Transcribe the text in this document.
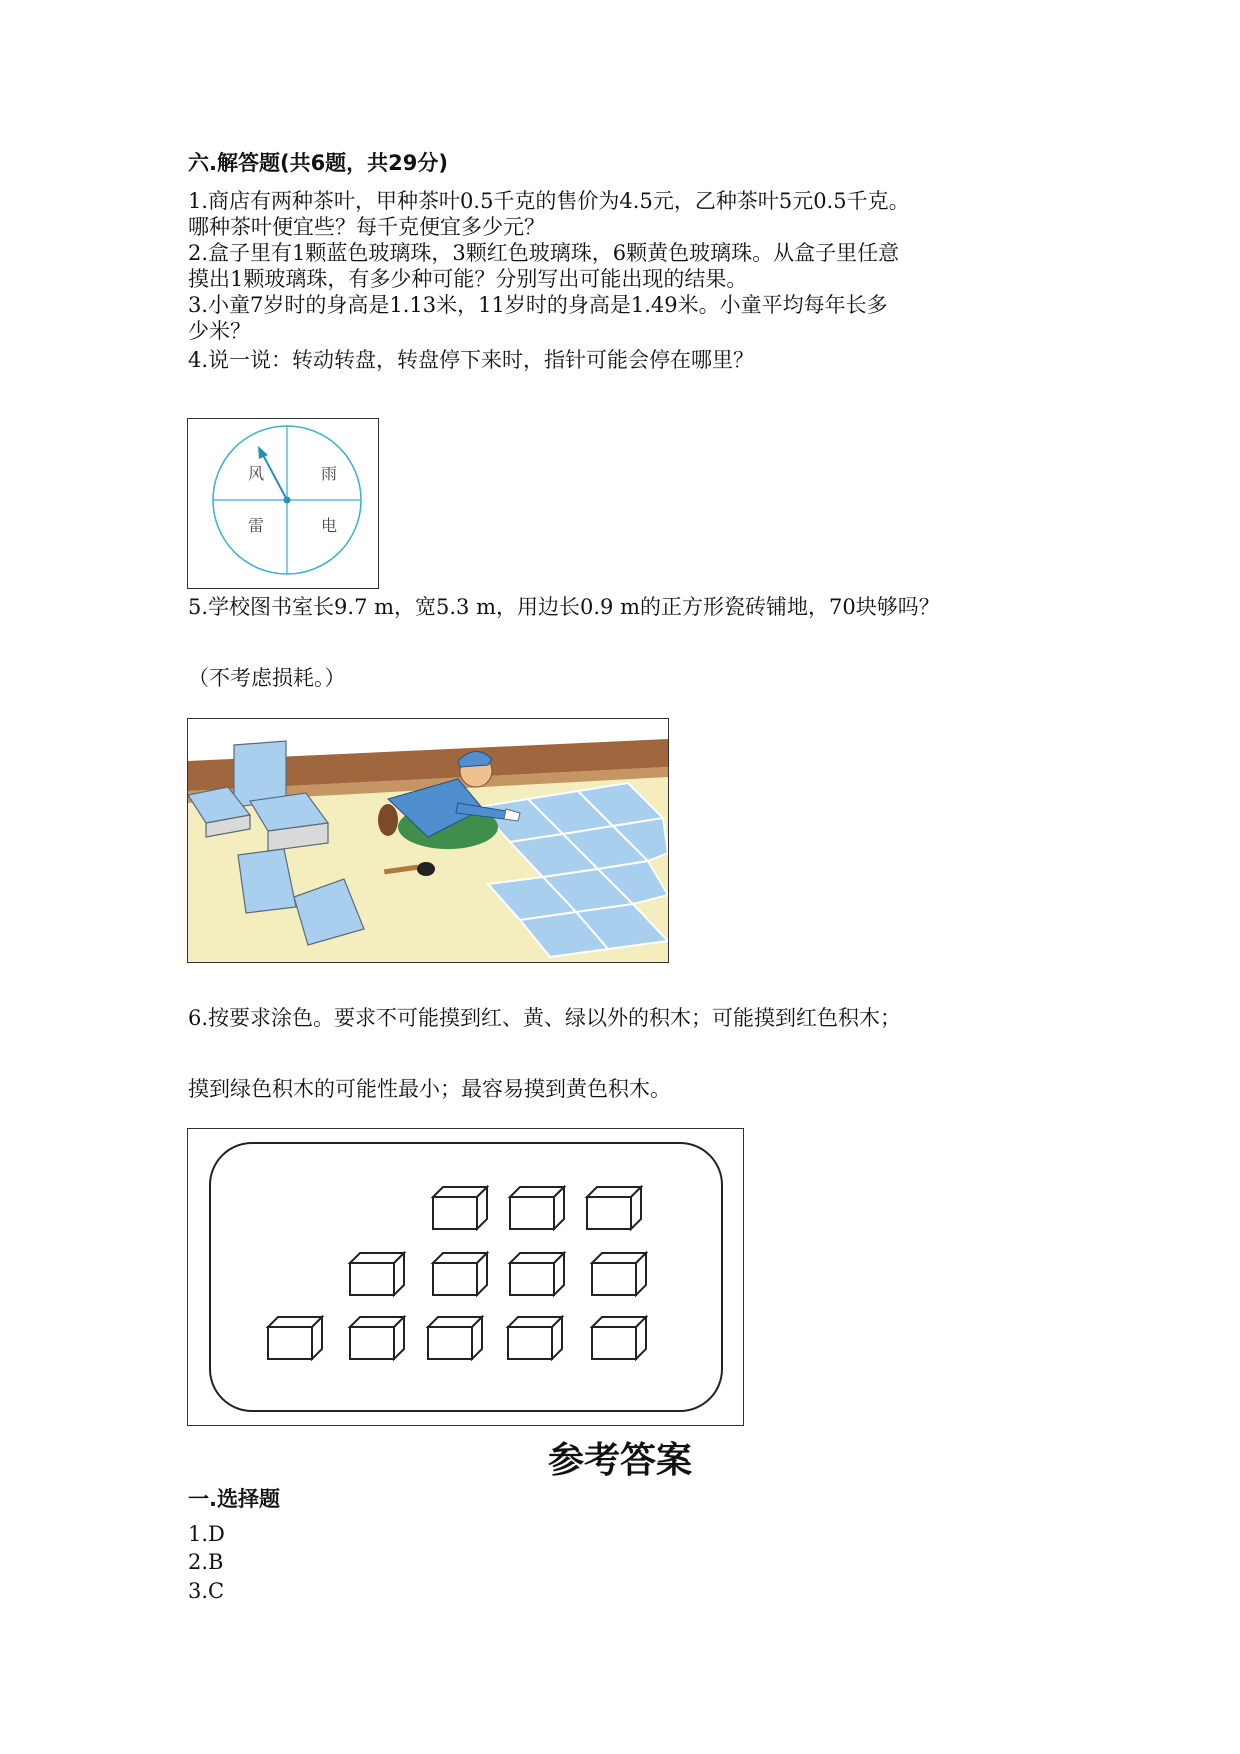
六.解答题(共6题，共29分)
1.商店有两种茶叶，甲种茶叶0.5千克的售价为4.5元，乙种茶叶5元0.5千克。
哪种茶叶便宜些？每千克便宜多少元？
2.盒子里有1颗蓝色玻璃珠，3颗红色玻璃珠，6颗黄色玻璃珠。从盒子里任意
摸出1颗玻璃珠，有多少种可能？分别写出可能出现的结果。
3.小童7岁时的身高是1.13米，11岁时的身高是1.49米。小童平均每年长多
少米？
4.说一说：转动转盘，转盘停下来时，指针可能会停在哪里？
风	雨
雷	电
5.学校图书室长9.7 m，宽5.3 m，用边长0.9 m的正方形瓷砖铺地，70块够吗？
（不考虑损耗。）
6.按要求涂色。要求不可能摸到红、黄、绿以外的积木；可能摸到红色积木；
摸到绿色积木的可能性最小；最容易摸到黄色积木。
参考答案
一.选择题
1.D
2.B
3.C
